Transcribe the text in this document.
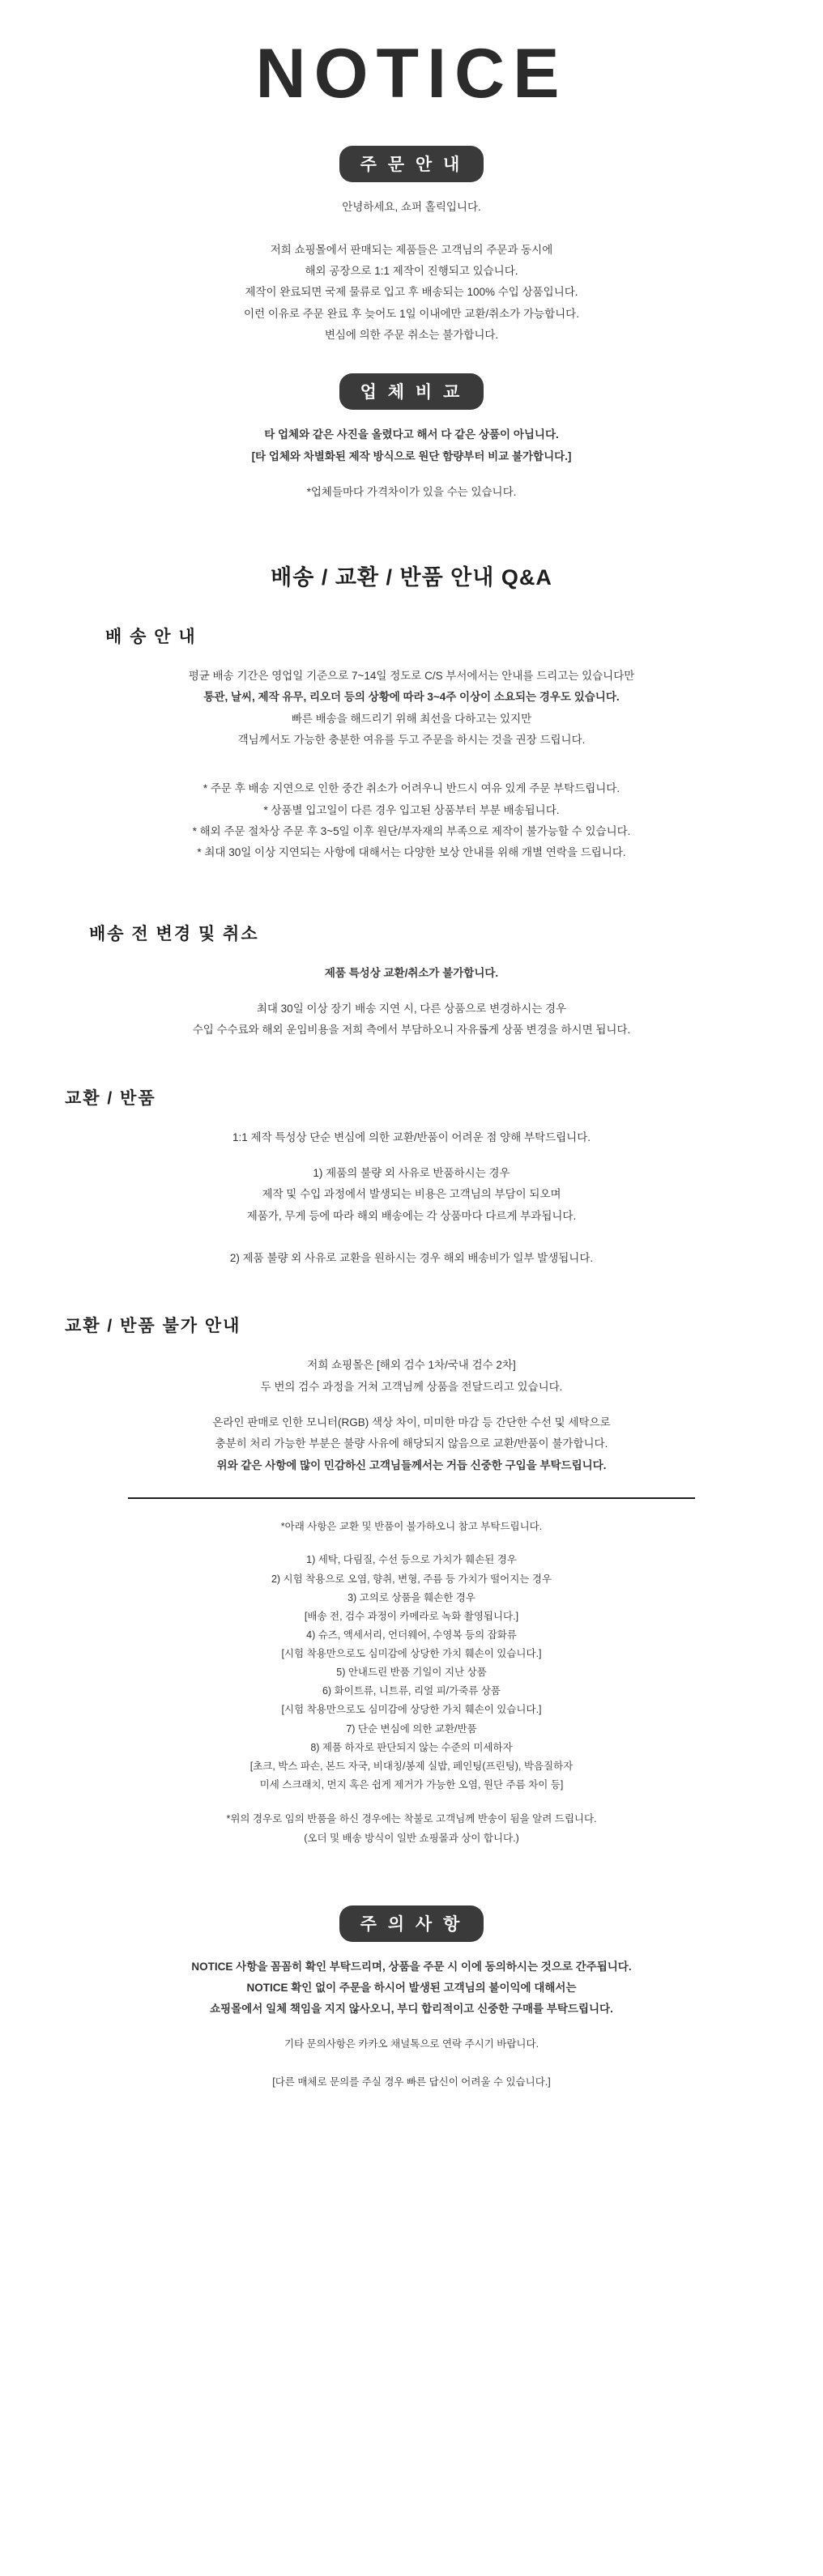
NOTICE
주 문 안 내
안녕하세요, 쇼퍼 홀릭입니다.

저희 쇼핑몰에서 판매되는 제품들은 고객님의 주문과 동시에
해외 공장으로 1:1 제작이 진행되고 있습니다.
제작이 완료되면 국제 물류로 입고 후 배송되는 100% 수입 상품입니다.
이런 이유로 주문 완료 후 늦어도 1일 이내에만 교환/취소가 가능합니다.
변심에 의한 주문 취소는 불가합니다.
업 체 비 교
타 업체와 같은 사진을 올렸다고 해서 다 같은 상품이 아닙니다.
[타 업체와 차별화된 제작 방식으로 원단 함량부터 비교 불가합니다.]
*업체들마다 가격차이가 있을 수는 있습니다.
배송 / 교환 / 반품 안내 Q&A
배 송 안 내

평균 배송 기간은 영업일 기준으로 7~14일 정도로 C/S 부서에서는 안내를 드리고는 있습니다만

통관, 날씨, 제작 유무, 리오더 등의 상황에 따라 3~4주 이상이 소요되는 경우도 있습니다.

빠른 배송을 해드리기 위해 최선을 다하고는 있지만

객님께서도 가능한 충분한 여유를 두고 주문을 하시는 것을 권장 드립니다.

* 주문 후 배송 지연으로 인한 중간 취소가 어려우니 반드시 여유 있게 주문 부탁드립니다.

* 상품별 입고일이 다른 경우 입고된 상품부터 부분 배송됩니다.

* 해외 주문 절차상 주문 후 3~5일 이후 원단/부자재의 부족으로 제작이 불가능할 수 있습니다.

* 최대 30일 이상 지연되는 사항에 대해서는 다양한 보상 안내를 위해 개별 연락을 드립니다.

배송 전 변경 및 취소

제품 특성상 교환/취소가 불가합니다.

최대 30일 이상 장기 배송 지연 시, 다른 상품으로 변경하시는 경우

수입 수수료와 해외 운임비용을 저희 측에서 부담하오니 자유롭게 상품 변경을 하시면 됩니다.

교환 / 반품

1:1 제작 특성상 단순 변심에 의한 교환/반품이 어려운 점 양해 부탁드립니다.

1) 제품의 불량 외 사유로 반품하시는 경우

제작 및 수입 과정에서 발생되는 비용은 고객님의 부담이 되오며

제품가, 무게 등에 따라 해외 배송에는 각 상품마다 다르게 부과됩니다.

2) 제품 불량 외 사유로 교환을 원하시는 경우 해외 배송비가 일부 발생됩니다.

교환 / 반품 불가 안내

저희 쇼핑몰은 [해외 검수 1차/국내 검수 2차]

두 번의 검수 과정을 거쳐 고객님께 상품을 전달드리고 있습니다.

온라인 판매로 인한 모니터(RGB) 색상 차이, 미미한 마감 등 간단한 수선 및 세탁으로

충분히 처리 가능한 부분은 불량 사유에 해당되지 않음으로 교환/반품이 불가합니다.

위와 같은 사항에 많이 민감하신 고객님들께서는 거듭 신중한 구입을 부탁드립니다.

*아래 사항은 교환 및 반품이 불가하오니 참고 부탁드립니다.

1) 세탁, 다림질, 수선 등으로 가치가 훼손된 경우
2) 시험 착용으로 오염, 향취, 변형, 주름 등 가치가 떨어지는 경우
3) 고의로 상품을 훼손한 경우
[배송 전, 검수 과정이 카메라로 녹화 촬영됩니다.]
4) 슈즈, 액세서리, 언더웨어, 수영복 등의 잡화류
[시험 착용만으로도 심미감에 상당한 가치 훼손이 있습니다.]
5) 안내드린 반품 기일이 지난 상품
6) 화이트류, 니트류, 리얼 피/가죽류 상품
[시험 착용만으로도 심미감에 상당한 가치 훼손이 있습니다.]
7) 단순 변심에 의한 교환/반품
8) 제품 하자로 판단되지 않는 수준의 미세하자
[초크, 박스 파손, 본드 자국, 비대칭/봉제 실밥, 페인팅(프린팅), 박음질하자
미세 스크래치, 먼지 혹은 쉽게 제거가 가능한 오염, 원단 주름 차이 등]

*위의 경우로 임의 반품을 하신 경우에는 착불로 고객님께 반송이 됨을 알려 드립니다.

(오더 및 배송 방식이 일반 쇼핑몰과 상이 합니다.)

주 의 사 항
NOTICE 사항을 꼼꼼히 확인 부탁드리며, 상품을 주문 시 이에 동의하시는 것으로 간주됩니다.
NOTICE 확인 없이 주문을 하시어 발생된 고객님의 불이익에 대해서는
쇼핑몰에서 일체 책임을 지지 않사오니, 부디 합리적이고 신중한 구매를 부탁드립니다.
기타 문의사항은 카카오 채널톡으로 연락 주시기 바랍니다.

[다른 매체로 문의를 주실 경우 빠른 답신이 어려울 수 있습니다.]
